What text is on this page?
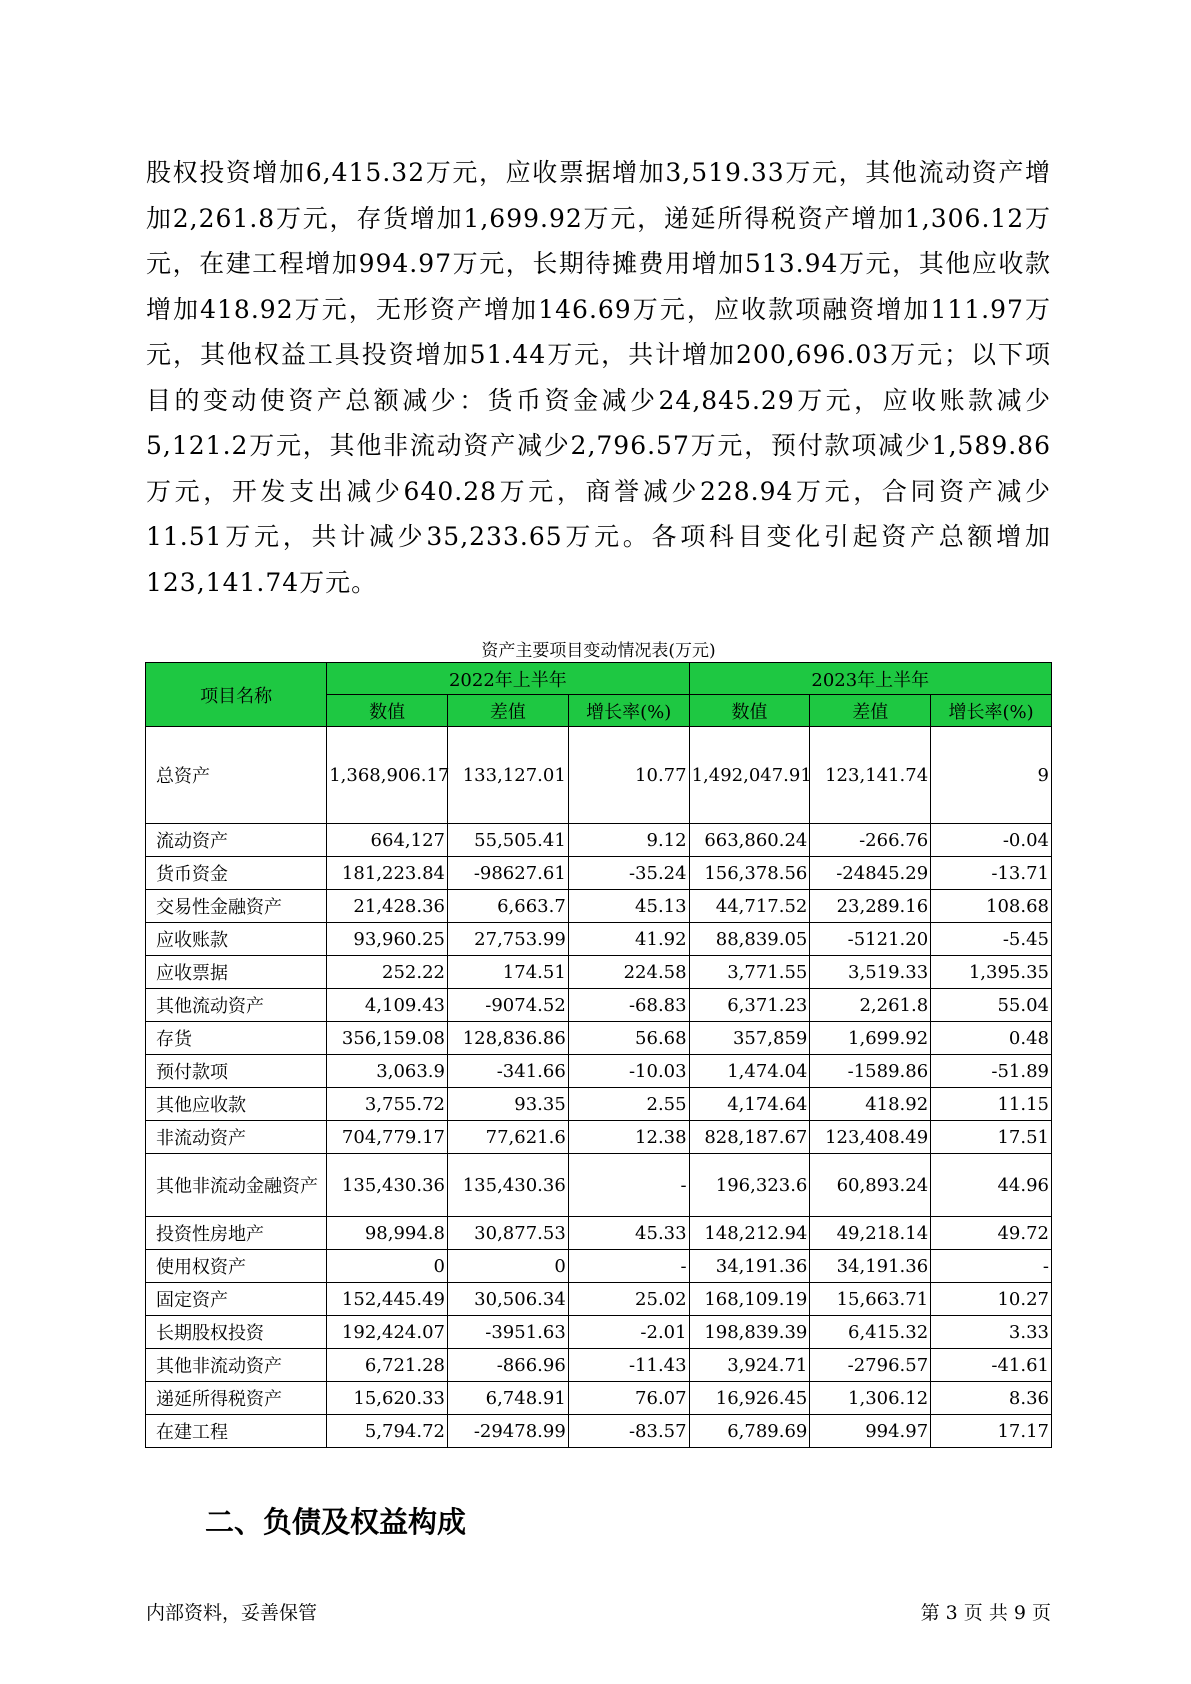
股权投资增加6,415.32万元，应收票据增加3,519.33万元，其他流动资产增加2,261.8万元，存货增加1,699.92万元，递延所得税资产增加1,306.12万元，在建工程增加994.97万元，长期待摊费用增加513.94万元，其他应收款增加418.92万元，无形资产增加146.69万元，应收款项融资增加111.97万元，其他权益工具投资增加51.44万元，共计增加200,696.03万元；以下项目的变动使资产总额减少：货币资金减少24,845.29万元，应收账款减少5,121.2万元，其他非流动资产减少2,796.57万元，预付款项减少1,589.86万元，开发支出减少640.28万元，商誉减少228.94万元，合同资产减少11.51万元，共计减少35,233.65万元。各项科目变化引起资产总额增加123,141.74万元。

资产主要项目变动情况表(万元)
项目名称	2022年上半年			2023年上半年		
	数值	差值	增长率(%)	数值	差值	增长率(%)
总资产	1,368,906.17	133,127.01	10.77	1,492,047.91	123,141.74	9
流动资产	664,127	55,505.41	9.12	663,860.24	-266.76	-0.04
货币资金	181,223.84	-98627.61	-35.24	156,378.56	-24845.29	-13.71
交易性金融资产	21,428.36	6,663.7	45.13	44,717.52	23,289.16	108.68
应收账款	93,960.25	27,753.99	41.92	88,839.05	-5121.20	-5.45
应收票据	252.22	174.51	224.58	3,771.55	3,519.33	1,395.35
其他流动资产	4,109.43	-9074.52	-68.83	6,371.23	2,261.8	55.04
存货	356,159.08	128,836.86	56.68	357,859	1,699.92	0.48
预付款项	3,063.9	-341.66	-10.03	1,474.04	-1589.86	-51.89
其他应收款	3,755.72	93.35	2.55	4,174.64	418.92	11.15
非流动资产	704,779.17	77,621.6	12.38	828,187.67	123,408.49	17.51
其他非流动金融资产	135,430.36	135,430.36	-	196,323.6	60,893.24	44.96
投资性房地产	98,994.8	30,877.53	45.33	148,212.94	49,218.14	49.72
使用权资产	0	0	-	34,191.36	34,191.36	-
固定资产	152,445.49	30,506.34	25.02	168,109.19	15,663.71	10.27
长期股权投资	192,424.07	-3951.63	-2.01	198,839.39	6,415.32	3.33
其他非流动资产	6,721.28	-866.96	-11.43	3,924.71	-2796.57	-41.61
递延所得税资产	15,620.33	6,748.91	76.07	16,926.45	1,306.12	8.36
在建工程	5,794.72	-29478.99	-83.57	6,789.69	994.97	17.17
二、负债及权益构成
内部资料，妥善保管	第 3 页 共 9 页
